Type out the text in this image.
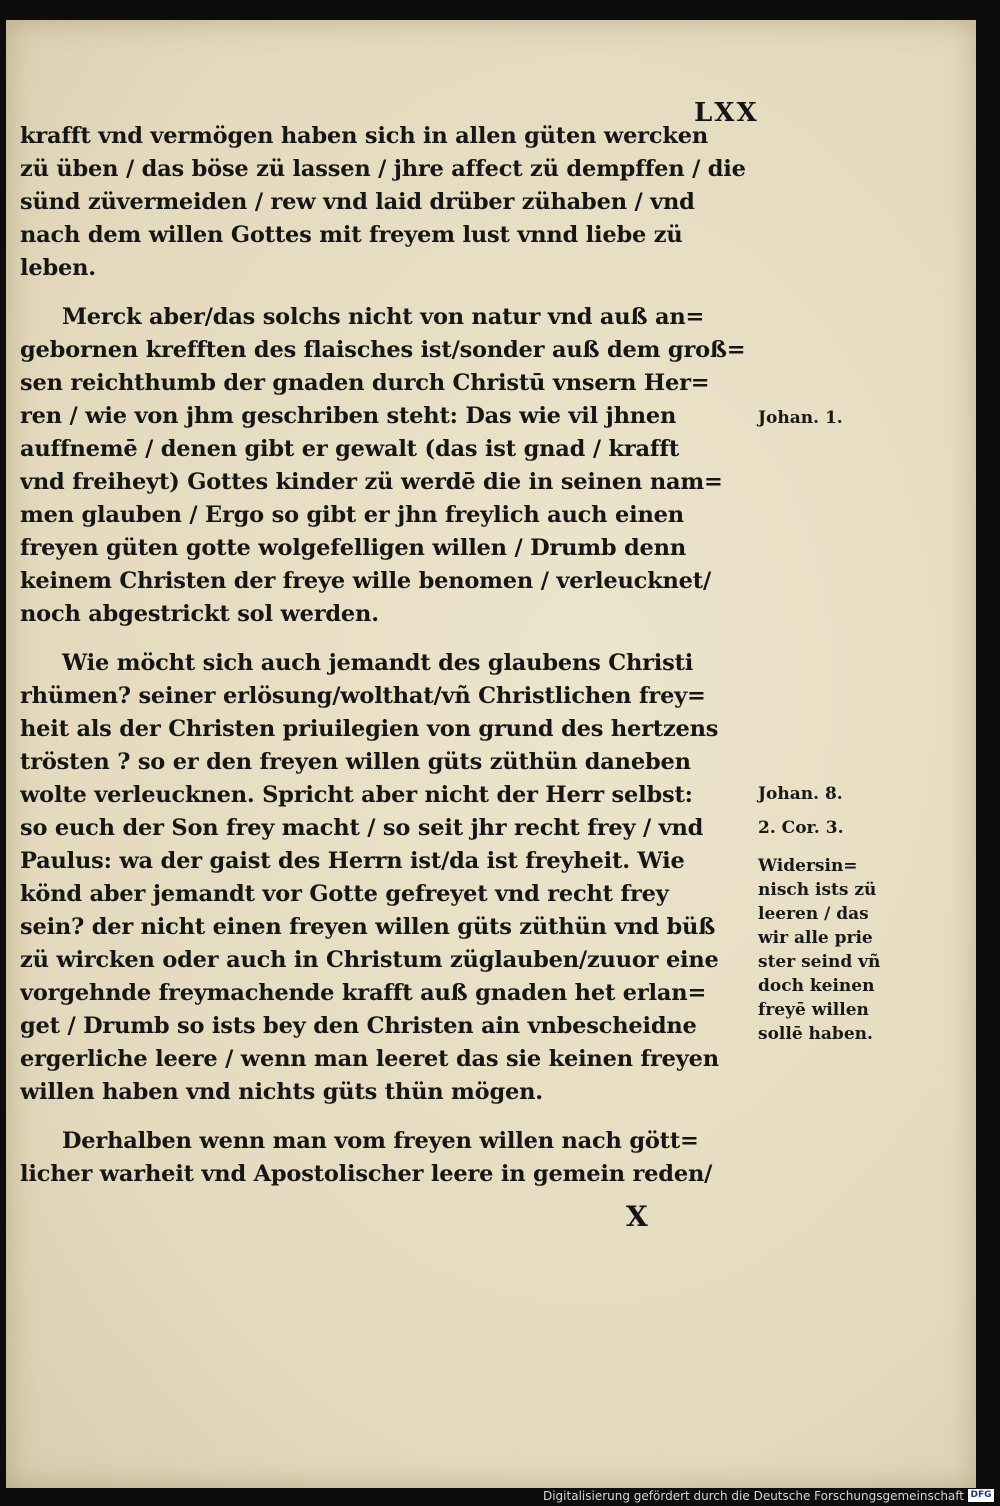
LXX
krafft vnd vermögen haben sich in allen güten wercken
zü üben / das böse zü lassen / jhre affect zü dempffen / die
sünd züvermeiden / rew vnd laid drüber zühaben / vnd
nach dem willen Gottes mit freyem lust vnnd liebe zü
leben.
Merck aber/das solchs nicht von natur vnd auß an=
gebornen krefften des flaisches ist/sonder auß dem groß=
sen reichthumb der gnaden durch Christū vnsern Her=
ren / wie von jhm geschriben steht: Das wie vil jhnen
auffnemē / denen gibt er gewalt (das ist gnad / krafft
vnd freiheyt) Gottes kinder zü werdē die in seinen nam=
men glauben / Ergo so gibt er jhn freylich auch einen
freyen güten gotte wolgefelligen willen / Drumb denn
keinem Christen der freye wille benomen / verleucknet/
noch abgestrickt sol werden.
Wie möcht sich auch jemandt des glaubens Christi
rhümen? seiner erlösung/wolthat/vñ Christlichen frey=
heit als der Christen priuilegien von grund des hertzens
trösten ? so er den freyen willen güts züthün daneben
wolte verleucknen. Spricht aber nicht der Herr selbst:
so euch der Son frey macht / so seit jhr recht frey / vnd
Paulus: wa der gaist des Herrn ist/da ist freyheit. Wie
könd aber jemandt vor Gotte gefreyet vnd recht frey
sein? der nicht einen freyen willen güts züthün vnd büß
zü wircken oder auch in Christum züglauben/zuuor eine
vorgehnde freymachende krafft auß gnaden het erlan=
get / Drumb so ists bey den Christen ain vnbescheidne
ergerliche leere / wenn man leeret das sie keinen freyen
willen haben vnd nichts güts thün mögen.
Derhalben wenn man vom freyen willen nach gött=
licher warheit vnd Apostolischer leere in gemein reden/
Johan. 1.
Johan. 8.
2. Cor. 3.
Widersin=
nisch ists zü
leeren / das
wir alle prie
ster seind vñ
doch keinen
freyē willen
sollē haben.
X
Digitalisierung gefördert durch die Deutsche Forschungsgemeinschaft DFG
